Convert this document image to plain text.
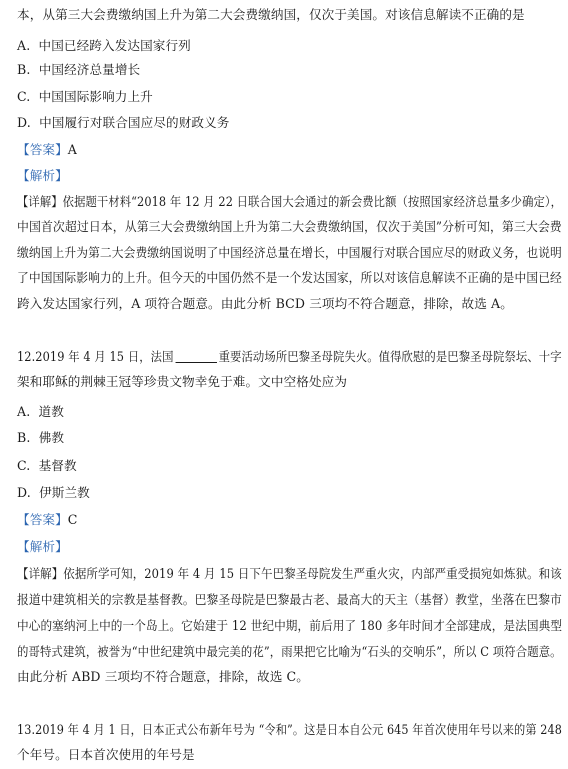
本，从第三大会费缴纳国上升为第二大会费缴纳国，仅次于美国。对该信息解读不正确的是
A. 中国已经跨入发达国家行列
B. 中国经济总量增长
C. 中国国际影响力上升
D. 中国履行对联合国应尽的财政义务
【答案】A
【解析】
【详解】依据题干材料“2018 年 12 月 22 日联合国大会通过的新会费比额（按照国家经济总量多少确定），
中国首次超过日本，从第三大会费缴纳国上升为第二大会费缴纳国，仅次于美国”分析可知，第三大会费
缴纳国上升为第二大会费缴纳国说明了中国经济总量在增长，中国履行对联合国应尽的财政义务，也说明
了中国国际影响力的上升。但今天的中国仍然不是一个发达国家，所以对该信息解读不正确的是中国已经
跨入发达国家行列，A 项符合题意。由此分析 BCD 三项均不符合题意，排除，故选 A。
12.2019 年 4 月 15 日，法国	重要活动场所巴黎圣母院失火。值得欣慰的是巴黎圣母院祭坛、十字
架和耶稣的荆棘王冠等珍贵文物幸免于难。文中空格处应为
A. 道教
B. 佛教
C. 基督教
D. 伊斯兰教
【答案】C
【解析】
【详解】依据所学可知，2019 年 4 月 15 日下午巴黎圣母院发生严重火灾，内部严重受损宛如炼狱。和该
报道中建筑相关的宗教是基督教。巴黎圣母院是巴黎最古老、最高大的天主（基督）教堂，坐落在巴黎市
中心的塞纳河上中的一个岛上。它始建于 12 世纪中期，前后用了 180 多年时间才全部建成，是法国典型
的哥特式建筑，被誉为“中世纪建筑中最完美的花”，雨果把它比喻为“石头的交响乐”，所以 C 项符合题意。
由此分析 ABD 三项均不符合题意，排除，故选 C。
13.2019 年 4 月 1 日，日本正式公布新年号为 “令和”。这是日本自公元 645 年首次使用年号以来的第 248
个年号。日本首次使用的年号是
